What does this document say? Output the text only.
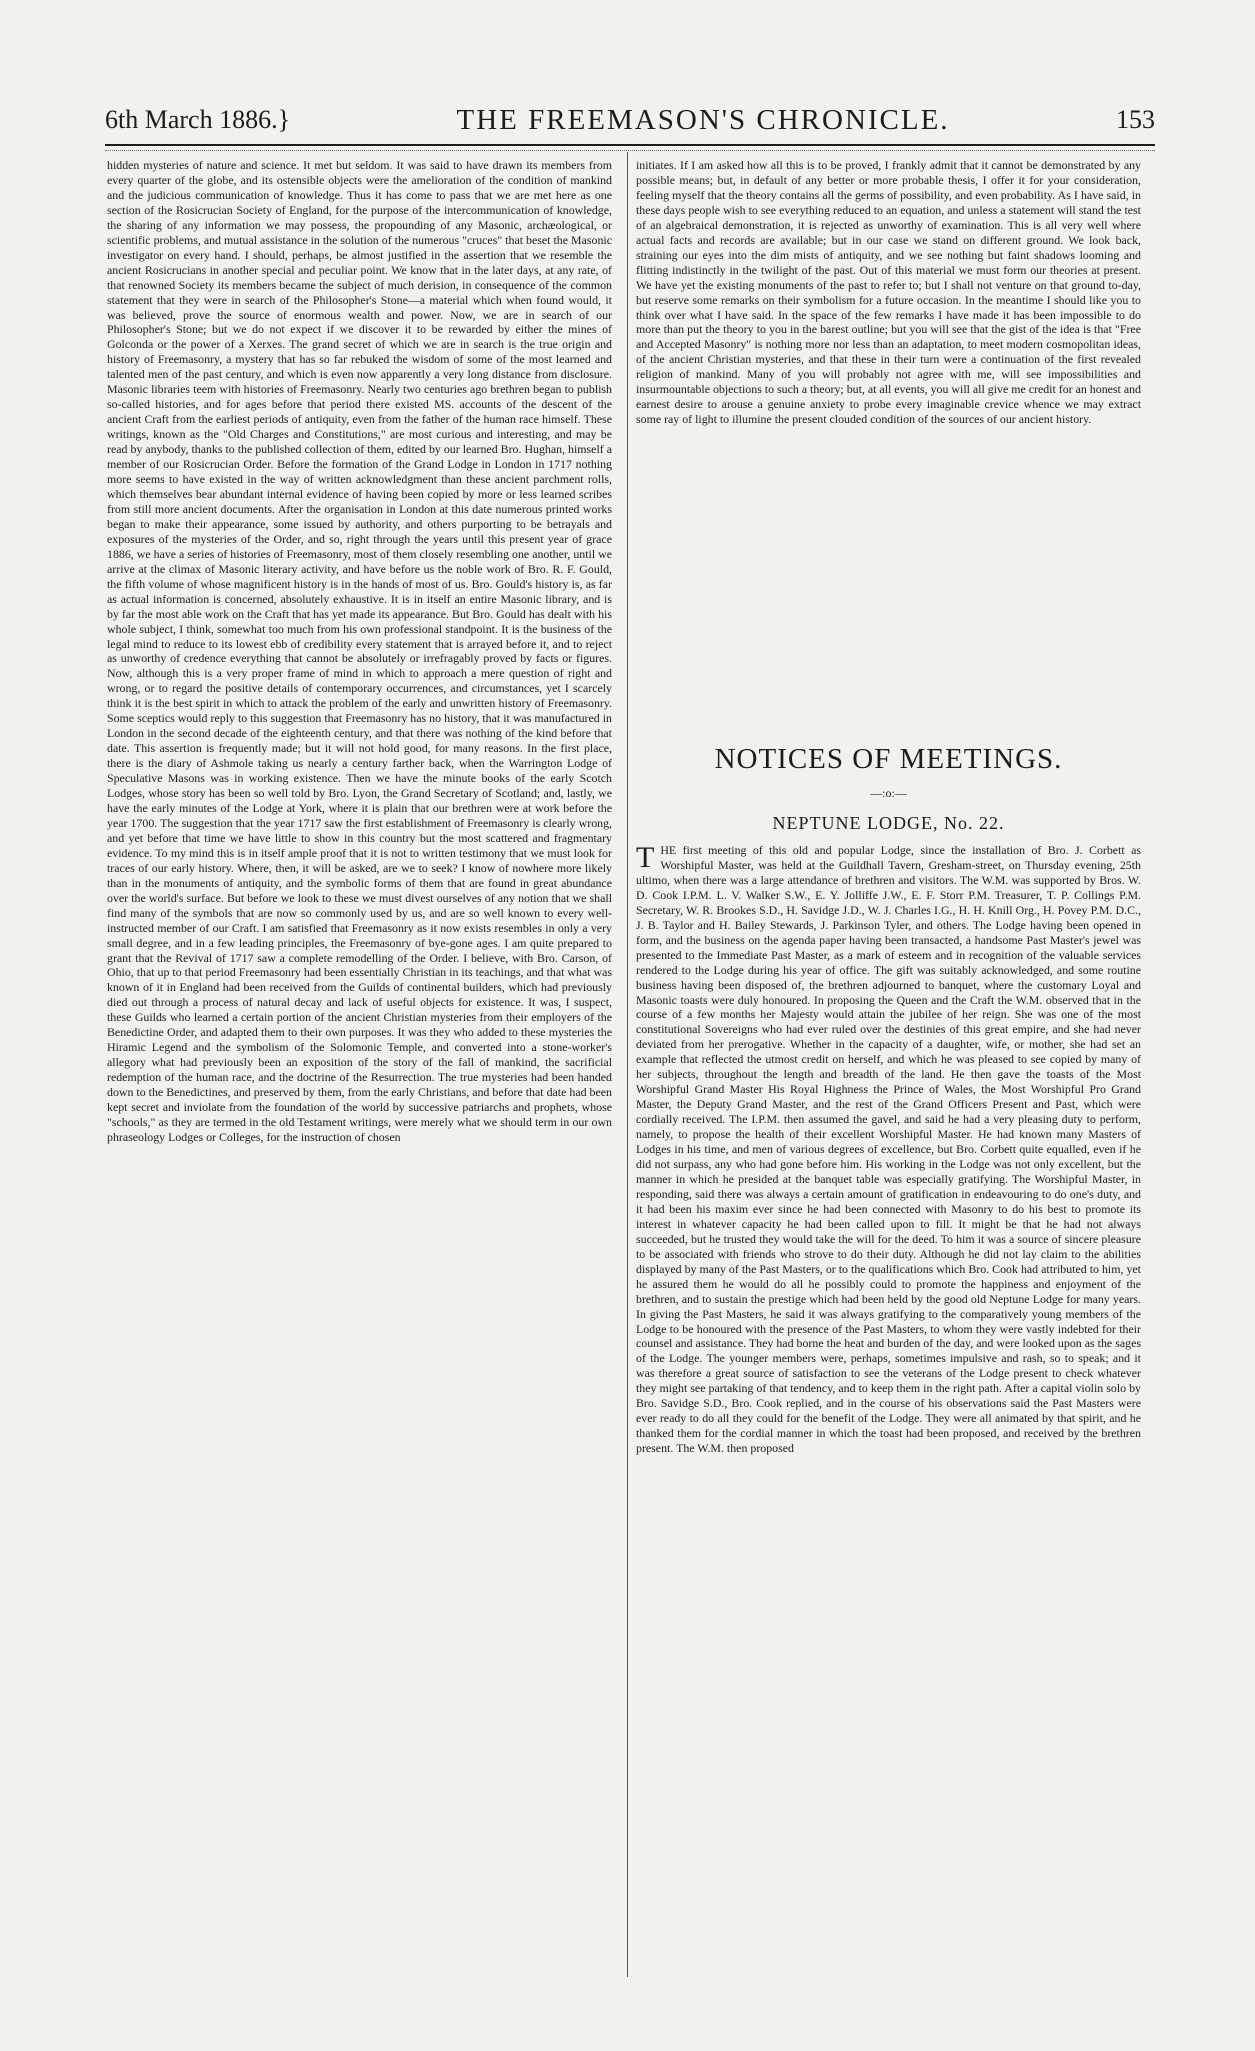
6th March 1886.}	THE FREEMASON'S CHRONICLE.	153

hidden mysteries of nature and science. It met but seldom. It was said to have drawn its members from every quarter of the globe, and its ostensible objects were the amelioration of the condition of mankind and the judicious communication of knowledge. Thus it has come to pass that we are met here as one section of the Rosicrucian Society of England, for the purpose of the intercommunication of knowledge, the sharing of any information we may possess, the propounding of any Masonic, archæological, or scientific problems, and mutual assistance in the solution of the numerous "cruces" that beset the Masonic investigator on every hand. I should, perhaps, be almost justified in the assertion that we resemble the ancient Rosicrucians in another special and peculiar point. We know that in the later days, at any rate, of that renowned Society its members became the subject of much derision, in consequence of the common statement that they were in search of the Philosopher's Stone—a material which when found would, it was believed, prove the source of enormous wealth and power. Now, we are in search of our Philosopher's Stone; but we do not expect if we discover it to be rewarded by either the mines of Golconda or the power of a Xerxes. The grand secret of which we are in search is the true origin and history of Freemasonry, a mystery that has so far rebuked the wisdom of some of the most learned and talented men of the past century, and which is even now apparently a very long distance from disclosure. Masonic libraries teem with histories of Freemasonry. Nearly two centuries ago brethren began to publish so-called histories, and for ages before that period there existed MS. accounts of the descent of the ancient Craft from the earliest periods of antiquity, even from the father of the human race himself. These writings, known as the "Old Charges and Constitutions," are most curious and interesting, and may be read by anybody, thanks to the published collection of them, edited by our learned Bro. Hughan, himself a member of our Rosicrucian Order. Before the formation of the Grand Lodge in London in 1717 nothing more seems to have existed in the way of written acknowledgment than these ancient parchment rolls, which themselves bear abundant internal evidence of having been copied by more or less learned scribes from still more ancient documents. After the organisation in London at this date numerous printed works began to make their appearance, some issued by authority, and others purporting to be betrayals and exposures of the mysteries of the Order, and so, right through the years until this present year of grace 1886, we have a series of histories of Freemasonry, most of them closely resembling one another, until we arrive at the climax of Masonic literary activity, and have before us the noble work of Bro. R. F. Gould, the fifth volume of whose magnificent history is in the hands of most of us. Bro. Gould's history is, as far as actual information is concerned, absolutely exhaustive. It is in itself an entire Masonic library, and is by far the most able work on the Craft that has yet made its appearance. But Bro. Gould has dealt with his whole subject, I think, somewhat too much from his own professional standpoint. It is the business of the legal mind to reduce to its lowest ebb of credibility every statement that is arrayed before it, and to reject as unworthy of credence everything that cannot be absolutely or irrefragably proved by facts or figures. Now, although this is a very proper frame of mind in which to approach a mere question of right and wrong, or to regard the positive details of contemporary occurrences, and circumstances, yet I scarcely think it is the best spirit in which to attack the problem of the early and unwritten history of Freemasonry. Some sceptics would reply to this suggestion that Freemasonry has no history, that it was manufactured in London in the second decade of the eighteenth century, and that there was nothing of the kind before that date. This assertion is frequently made; but it will not hold good, for many reasons. In the first place, there is the diary of Ashmole taking us nearly a century farther back, when the Warrington Lodge of Speculative Masons was in working existence. Then we have the minute books of the early Scotch Lodges, whose story has been so well told by Bro. Lyon, the Grand Secretary of Scotland; and, lastly, we have the early minutes of the Lodge at York, where it is plain that our brethren were at work before the year 1700. The suggestion that the year 1717 saw the first establishment of Freemasonry is clearly wrong, and yet before that time we have little to show in this country but the most scattered and fragmentary evidence. To my mind this is in itself ample proof that it is not to written testimony that we must look for traces of our early history. Where, then, it will be asked, are we to seek? I know of nowhere more likely than in the monuments of antiquity, and the symbolic forms of them that are found in great abundance over the world's surface. But before we look to these we must divest ourselves of any notion that we shall find many of the symbols that are now so commonly used by us, and are so well known to every well-instructed member of our Craft. I am satisfied that Freemasonry as it now exists resembles in only a very small degree, and in a few leading principles, the Freemasonry of bye-gone ages. I am quite prepared to grant that the Revival of 1717 saw a complete remodelling of the Order. I believe, with Bro. Carson, of Ohio, that up to that period Freemasonry had been essentially Christian in its teachings, and that what was known of it in England had been received from the Guilds of continental builders, which had previously died out through a process of natural decay and lack of useful objects for existence. It was, I suspect, these Guilds who learned a certain portion of the ancient Christian mysteries from their employers of the Benedictine Order, and adapted them to their own purposes. It was they who added to these mysteries the Hiramic Legend and the symbolism of the Solomonic Temple, and converted into a stone-worker's allegory what had previously been an exposition of the story of the fall of mankind, the sacrificial redemption of the human race, and the doctrine of the Resurrection. The true mysteries had been handed down to the Benedictines, and preserved by them, from the early Christians, and before that date had been kept secret and inviolate from the foundation of the world by successive patriarchs and prophets, whose "schools," as they are termed in the old Testament writings, were merely what we should term in our own phraseology Lodges or Colleges, for the instruction of chosen

initiates. If I am asked how all this is to be proved, I frankly admit that it cannot be demonstrated by any possible means; but, in default of any better or more probable thesis, I offer it for your consideration, feeling myself that the theory contains all the germs of possibility, and even probability. As I have said, in these days people wish to see everything reduced to an equation, and unless a statement will stand the test of an algebraical demonstration, it is rejected as unworthy of examination. This is all very well where actual facts and records are available; but in our case we stand on different ground. We look back, straining our eyes into the dim mists of antiquity, and we see nothing but faint shadows looming and flitting indistinctly in the twilight of the past. Out of this material we must form our theories at present. We have yet the existing monuments of the past to refer to; but I shall not venture on that ground to-day, but reserve some remarks on their symbolism for a future occasion. In the meantime I should like you to think over what I have said. In the space of the few remarks I have made it has been impossible to do more than put the theory to you in the barest outline; but you will see that the gist of the idea is that "Free and Accepted Masonry" is nothing more nor less than an adaptation, to meet modern cosmopolitan ideas, of the ancient Christian mysteries, and that these in their turn were a continuation of the first revealed religion of mankind. Many of you will probably not agree with me, will see impossibilities and insurmountable objections to such a theory; but, at all events, you will all give me credit for an honest and earnest desire to arouse a genuine anxiety to probe every imaginable crevice whence we may extract some ray of light to illumine the present clouded condition of the sources of our ancient history.

NOTICES OF MEETINGS.

—:o:—

NEPTUNE LODGE, No. 22.

THE first meeting of this old and popular Lodge, since the installation of Bro. J. Corbett as Worshipful Master, was held at the Guildhall Tavern, Gresham-street, on Thursday evening, 25th ultimo, when there was a large attendance of brethren and visitors. The W.M. was supported by Bros. W. D. Cook I.P.M. L. V. Walker S.W., E. Y. Jolliffe J.W., E. F. Storr P.M. Treasurer, T. P. Collings P.M. Secretary, W. R. Brookes S.D., H. Savidge J.D., W. J. Charles I.G., H. H. Knill Org., H. Povey P.M. D.C., J. B. Taylor and H. Bailey Stewards, J. Parkinson Tyler, and others. The Lodge having been opened in form, and the business on the agenda paper having been transacted, a handsome Past Master's jewel was presented to the Immediate Past Master, as a mark of esteem and in recognition of the valuable services rendered to the Lodge during his year of office. The gift was suitably acknowledged, and some routine business having been disposed of, the brethren adjourned to banquet, where the customary Loyal and Masonic toasts were duly honoured. In proposing the Queen and the Craft the W.M. observed that in the course of a few months her Majesty would attain the jubilee of her reign. She was one of the most constitutional Sovereigns who had ever ruled over the destinies of this great empire, and she had never deviated from her prerogative. Whether in the capacity of a daughter, wife, or mother, she had set an example that reflected the utmost credit on herself, and which he was pleased to see copied by many of her subjects, throughout the length and breadth of the land. He then gave the toasts of the Most Worshipful Grand Master His Royal Highness the Prince of Wales, the Most Worshipful Pro Grand Master, the Deputy Grand Master, and the rest of the Grand Officers Present and Past, which were cordially received. The I.P.M. then assumed the gavel, and said he had a very pleasing duty to perform, namely, to propose the health of their excellent Worshipful Master. He had known many Masters of Lodges in his time, and men of various degrees of excellence, but Bro. Corbett quite equalled, even if he did not surpass, any who had gone before him. His working in the Lodge was not only excellent, but the manner in which he presided at the banquet table was especially gratifying. The Worshipful Master, in responding, said there was always a certain amount of gratification in endeavouring to do one's duty, and it had been his maxim ever since he had been connected with Masonry to do his best to promote its interest in whatever capacity he had been called upon to fill. It might be that he had not always succeeded, but he trusted they would take the will for the deed. To him it was a source of sincere pleasure to be associated with friends who strove to do their duty. Although he did not lay claim to the abilities displayed by many of the Past Masters, or to the qualifications which Bro. Cook had attributed to him, yet he assured them he would do all he possibly could to promote the happiness and enjoyment of the brethren, and to sustain the prestige which had been held by the good old Neptune Lodge for many years. In giving the Past Masters, he said it was always gratifying to the comparatively young members of the Lodge to be honoured with the presence of the Past Masters, to whom they were vastly indebted for their counsel and assistance. They had borne the heat and burden of the day, and were looked upon as the sages of the Lodge. The younger members were, perhaps, sometimes impulsive and rash, so to speak; and it was therefore a great source of satisfaction to see the veterans of the Lodge present to check whatever they might see partaking of that tendency, and to keep them in the right path. After a capital violin solo by Bro. Savidge S.D., Bro. Cook replied, and in the course of his observations said the Past Masters were ever ready to do all they could for the benefit of the Lodge. They were all animated by that spirit, and he thanked them for the cordial manner in which the toast had been proposed, and received by the brethren present. The W.M. then proposed
